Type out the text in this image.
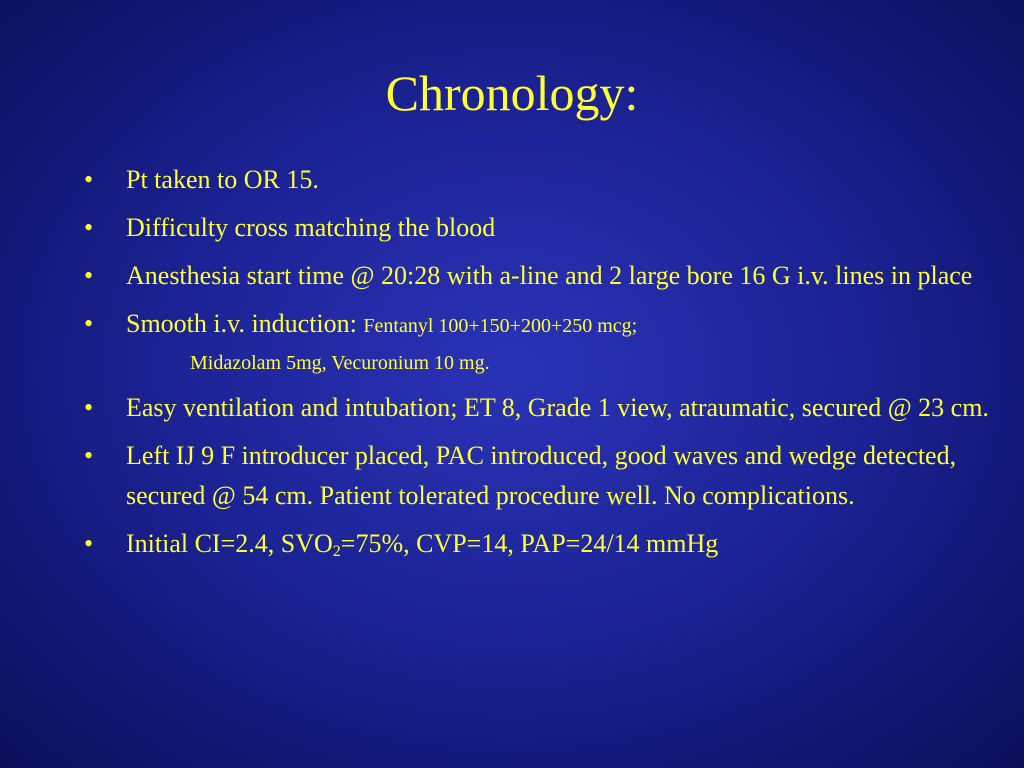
Chronology:
•	Pt taken to OR 15.
•	Difficulty cross matching the blood
•	Anesthesia start time @ 20:28 with a-line and 2 large bore 16 G i.v. lines in place
•	Smooth i.v. induction: Fentanyl 100+150+200+250 mcg;
Midazolam 5mg, Vecuronium 10 mg.
•	Easy ventilation and intubation; ET 8, Grade 1 view, atraumatic, secured @ 23 cm.
•	Left IJ 9 F introducer placed, PAC introduced, good waves and wedge detected, secured @ 54 cm. Patient tolerated procedure well. No complications.
•	Initial CI=2.4, $SVO_2=75\%$, CVP=14, PAP=24/14 mmHg
